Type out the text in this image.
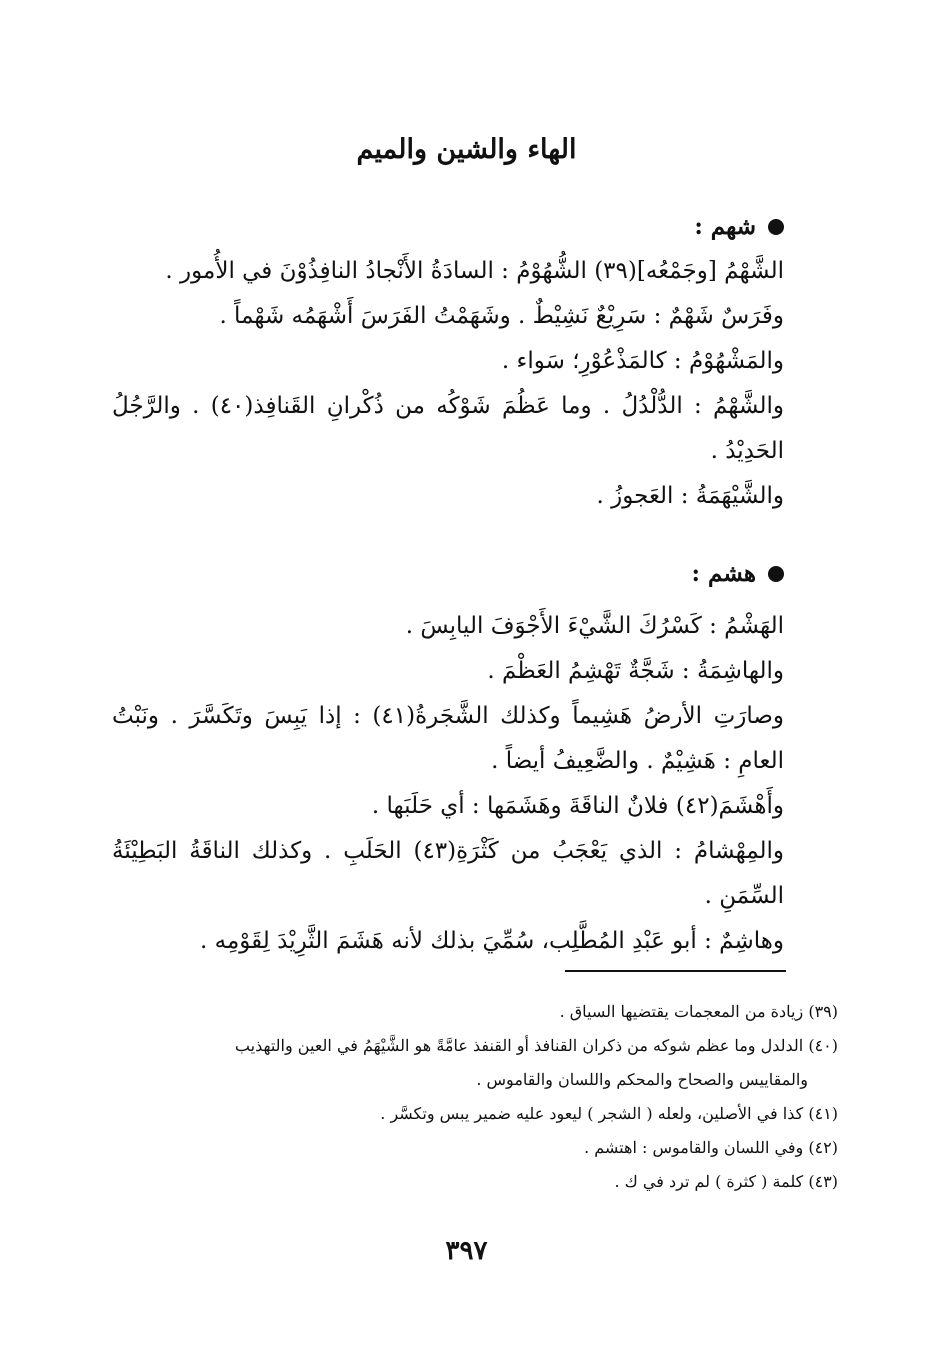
الهاء والشين والميم
شهم :

الشَّهْمُ [وجَمْعُه](٣٩) الشُّهُوْمُ : السادَةُ الأَنْجادُ النافِذُوْنَ في الأُمور .

وفَرَسٌ شَهْمٌ : سَرِيْعٌ نَشِيْطٌ . وشَهَمْتُ الفَرَسَ أَشْهَمُه شَهْماً .

والمَشْهُوْمُ : كالمَذْعُوْرِ؛ سَواء .

والشَّهْمُ : الدُّلْدُلُ . وما عَظُمَ شَوْكُه من ذُكْرانِ القَنافِذ(٤٠) . والرَّجُلُ الحَدِيْدُ .

والشَّيْهَمَةُ : العَجوزُ .

هشم :

الهَشْمُ : كَسْرُكَ الشَّيْءَ الأَجْوَفَ اليابِسَ .

والهاشِمَةُ : شَجَّةٌ تَهْشِمُ العَظْمَ .

وصارَتِ الأرضُ هَشِيماً وكذلك الشَّجَرةُ(٤١) : إذا يَبِسَ وتَكَسَّرَ . ونَبْتُ العامِ : هَشِيْمٌ . والضَّعِيفُ أيضاً .

وأَهْشَمَ(٤٢) فلانٌ الناقَةَ وهَشَمَها : أي حَلَبَها .

والمِهْشامُ : الذي يَعْجَبُ من كَثْرَةِ(٤٣) الحَلَبِ . وكذلك الناقَةُ البَطِيْئَةُ السِّمَنِ .

وهاشِمٌ : أبو عَبْدِ المُطَّلِب، سُمِّيَ بذلك لأنه هَشَمَ الثَّرِيْدَ لِقَوْمِه .

(٣٩) زيادة من المعجمات يقتضيها السياق .
(٤٠) الدلدل وما عظم شوكه من ذكران القنافذ أو القنفذ عامَّةً هو الشَّيْهَمُ في العين والتهذيب
والمقاييس والصحاح والمحكم واللسان والقاموس .
(٤١) كذا في الأصلين، ولعله ( الشجر ) ليعود عليه ضمير يبس وتكسَّر .
(٤٢) وفي اللسان والقاموس : اهتشم .
(٤٣) كلمة ( كثرة ) لم ترد في ك .
٣٩٧
